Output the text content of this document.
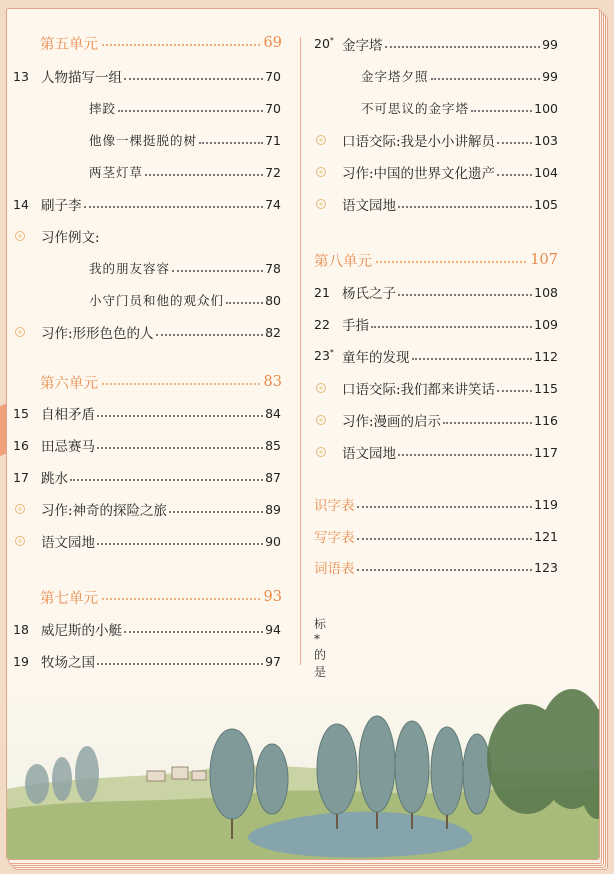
第五单元	69
13 人物描写一组	70
摔跤	70
他像一棵挺脱的树	71
两茎灯草	72
14 刷子李	74
习作例文:
我的朋友容容	78
小守门员和他的观众们	80
习作:形形色色的人	82
第六单元	83
15 自相矛盾	84
16 田忌赛马	85
17 跳水	87
习作:神奇的探险之旅	89
语文园地	90
第七单元	93
18 威尼斯的小艇	94
19 牧场之国	97
20* 金字塔	99
金字塔夕照	99
不可思议的金字塔	100
口语交际:我是小小讲解员	103
习作:中国的世界文化遗产	104
语文园地	105
第八单元	107
21 杨氏之子	108
22 手指	109
23* 童年的发现	112
口语交际:我们都来讲笑话	115
习作:漫画的启示	116
语文园地	117
识字表	119
写字表	121
词语表	123
标*的是
